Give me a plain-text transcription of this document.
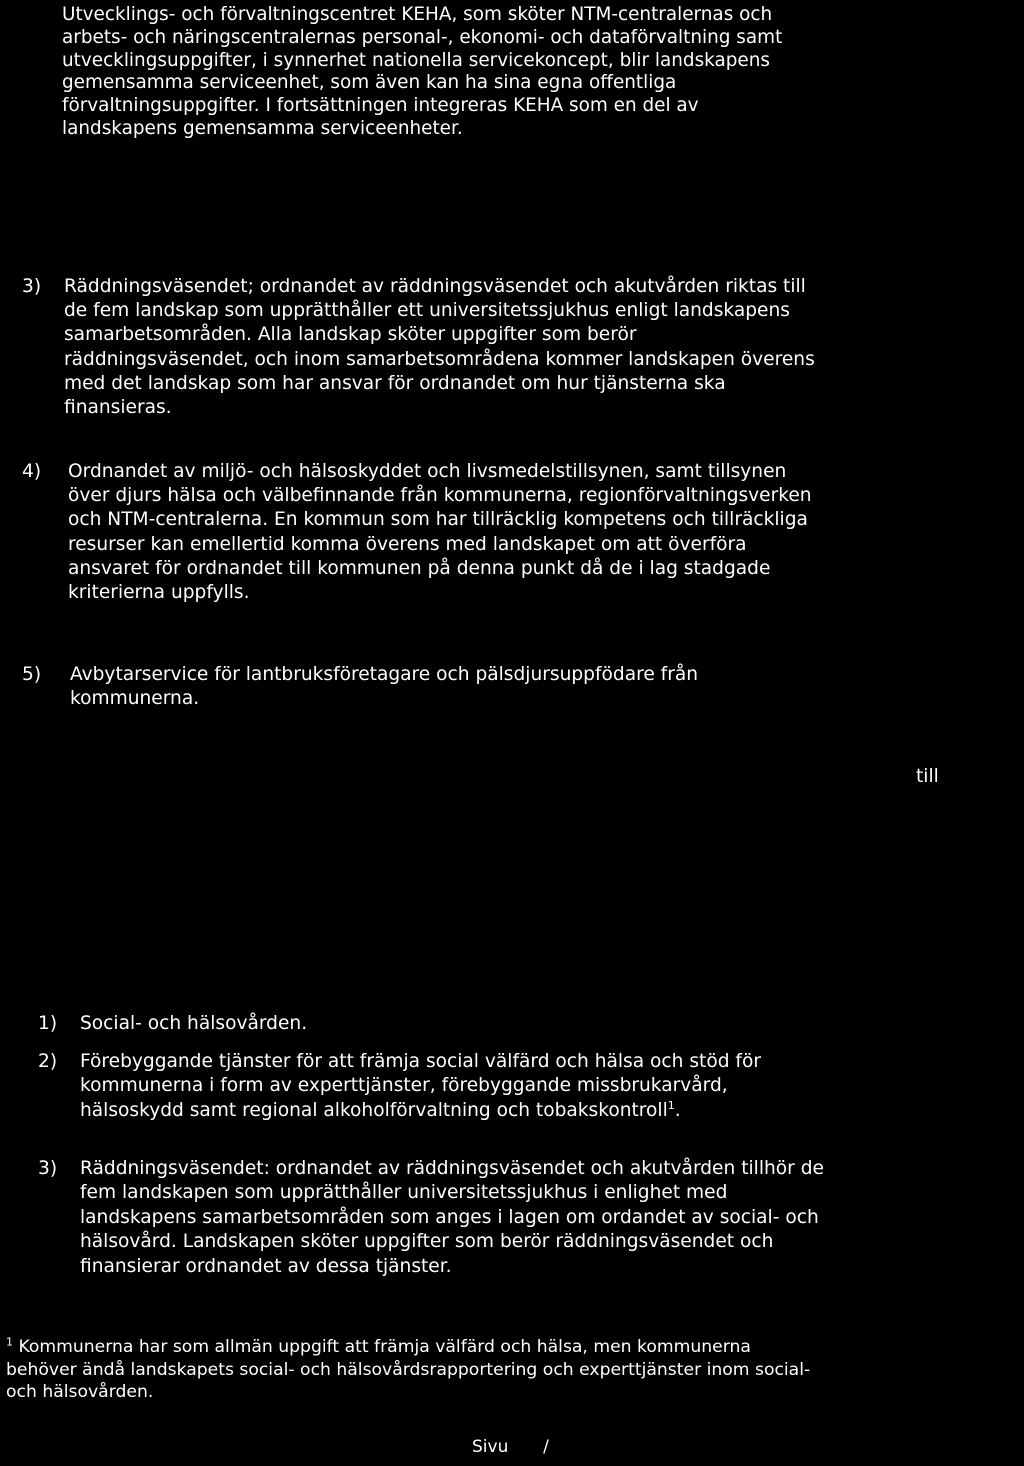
Utvecklings- och förvaltningscentret KEHA, som sköter NTM-centralernas och
arbets- och näringscentralernas personal-, ekonomi- och dataförvaltning samt
utvecklingsuppgifter, i synnerhet nationella servicekoncept, blir landskapens
gemensamma serviceenhet, som även kan ha sina egna offentliga
förvaltningsuppgifter. I fortsättningen integreras KEHA som en del av
landskapens gemensamma serviceenheter.

3)	Räddningsväsendet; ordnandet av räddningsväsendet och akutvården riktas till
de fem landskap som upprätthåller ett universitetssjukhus enligt landskapens
samarbetsområden. Alla landskap sköter uppgifter som berör
räddningsväsendet, och inom samarbetsområdena kommer landskapen överens
med det landskap som har ansvar för ordnandet om hur tjänsterna ska
finansieras.
4)	Ordnandet av miljö- och hälsoskyddet och livsmedelstillsynen, samt tillsynen
över djurs hälsa och välbefinnande från kommunerna, regionförvaltningsverken
och NTM-centralerna. En kommun som har tillräcklig kompetens och tillräckliga
resurser kan emellertid komma överens med landskapet om att överföra
ansvaret för ordnandet till kommunen på denna punkt då de i lag stadgade
kriterierna uppfylls.
5)	Avbytarservice för lantbruksföretagare och pälsdjursuppfödare från
kommunerna.
till
1) Social- och hälsovården.
2) Förebyggande tjänster för att främja social välfärd och hälsa och stöd för
kommunerna i form av experttjänster, förebyggande missbrukarvård,
hälsoskydd samt regional alkoholförvaltning och tobakskontroll$^1$.
3) Räddningsväsendet: ordnandet av räddningsväsendet och akutvården tillhör de
fem landskapen som upprätthåller universitetssjukhus i enlighet med
landskapens samarbetsområden som anges i lagen om ordandet av social- och
hälsovård. Landskapen sköter uppgifter som berör räddningsväsendet och
finansierar ordnandet av dessa tjänster.
$^1$ Kommunerna har som allmän uppgift att främja välfärd och hälsa, men kommunerna
behöver ändå landskapets social- och hälsovårdsrapportering och experttjänster inom social-
och hälsovården.
Sivu /
